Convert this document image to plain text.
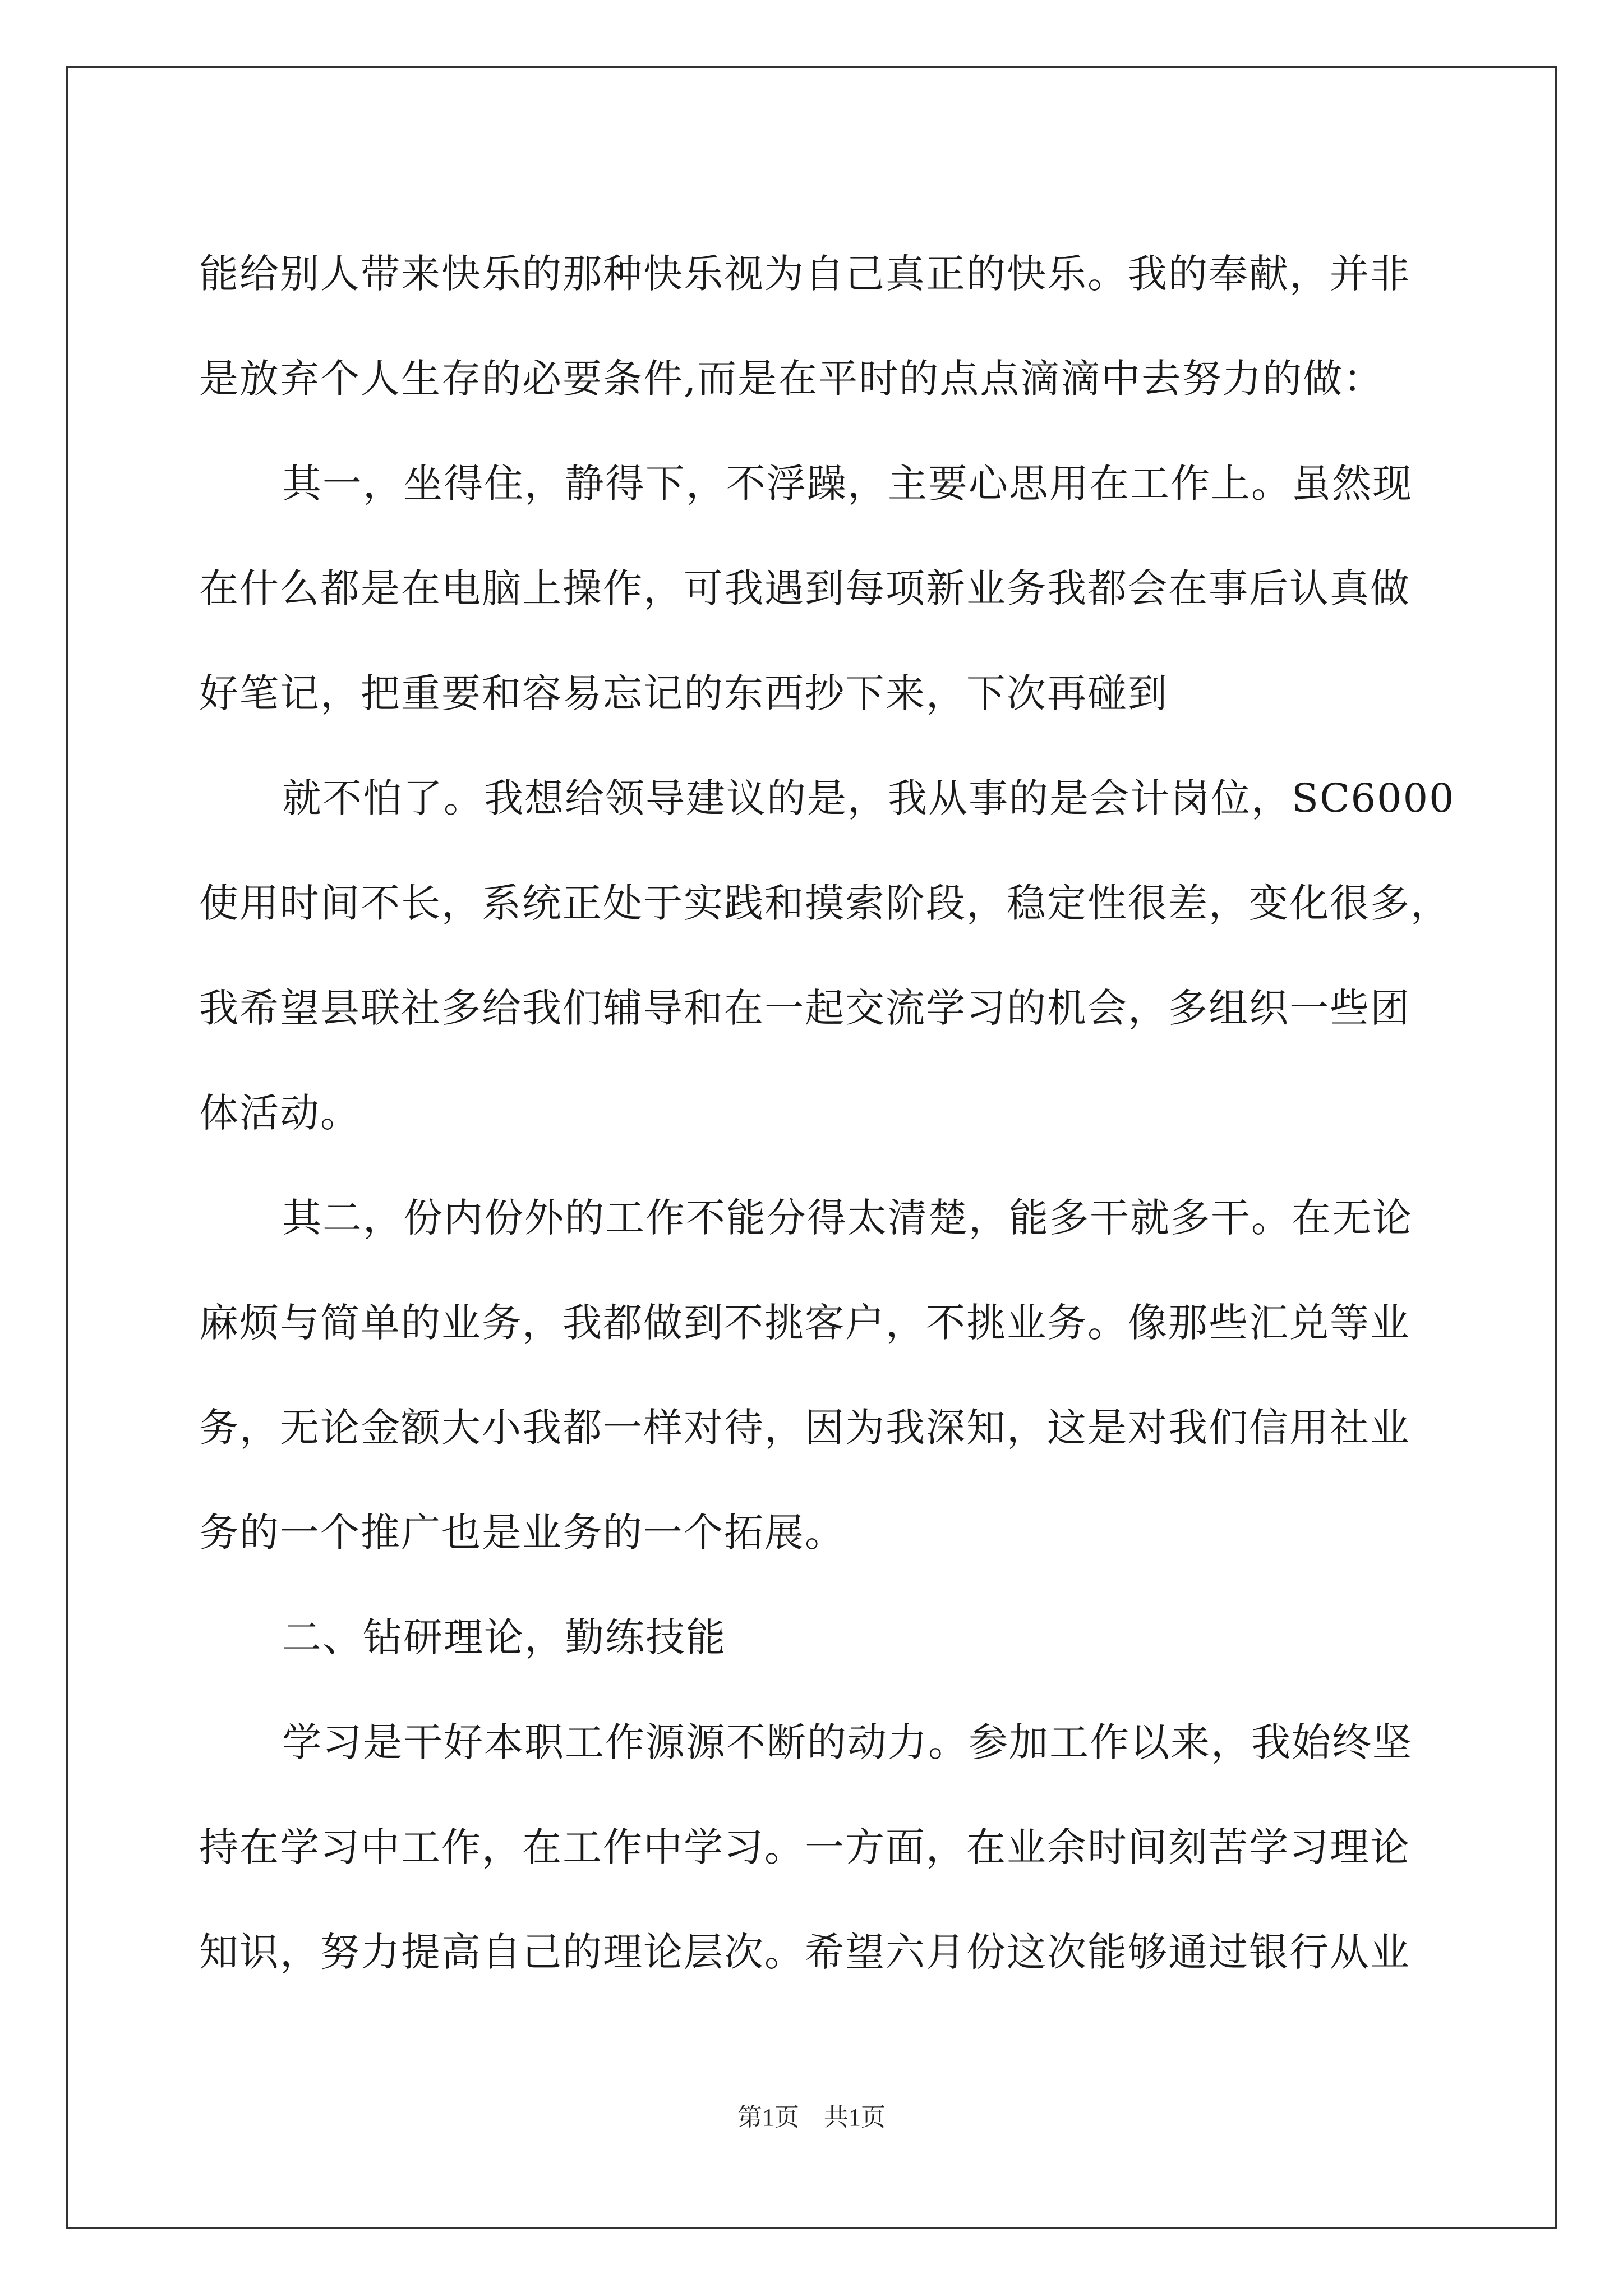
能给别人带来快乐的那种快乐视为自己真正的快乐。我的奉献，并非
是放弃个人生存的必要条件,而是在平时的点点滴滴中去努力的做：
其一，坐得住，静得下，不浮躁，主要心思用在工作上。虽然现
在什么都是在电脑上操作，可我遇到每项新业务我都会在事后认真做
好笔记，把重要和容易忘记的东西抄下来，下次再碰到
就不怕了。我想给领导建议的是，我从事的是会计岗位，SC6000
使用时间不长，系统正处于实践和摸索阶段，稳定性很差，变化很多，
我希望县联社多给我们辅导和在一起交流学习的机会，多组织一些团
体活动。
其二，份内份外的工作不能分得太清楚，能多干就多干。在无论
麻烦与简单的业务，我都做到不挑客户，不挑业务。像那些汇兑等业
务，无论金额大小我都一样对待，因为我深知，这是对我们信用社业
务的一个推广也是业务的一个拓展。
二、钻研理论，勤练技能
学习是干好本职工作源源不断的动力。参加工作以来，我始终坚
持在学习中工作，在工作中学习。一方面，在业余时间刻苦学习理论
知识，努力提高自己的理论层次。希望六月份这次能够通过银行从业
第1页 共1页
